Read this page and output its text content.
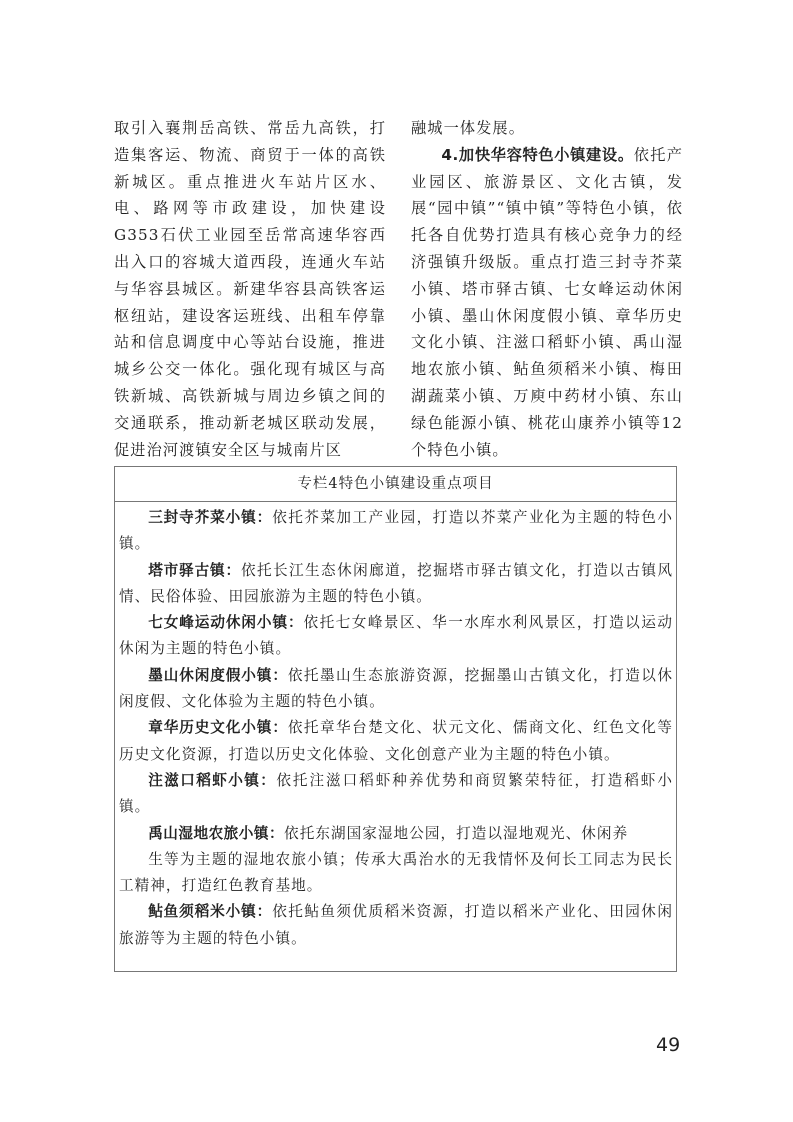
取引入襄荆岳高铁、常岳九高铁，打造集客运、物流、商贸于一体的高铁新城区。重点推进火车站片区水、电、路网等市政建设，加快建设G353石伏工业园至岳常高速华容西出入口的容城大道西段，连通火车站与华容县城区。新建华容县高铁客运枢纽站，建设客运班线、出租车停靠站和信息调度中心等站台设施，推进城乡公交一体化。强化现有城区与高铁新城、高铁新城与周边乡镇之间的交通联系，推动新老城区联动发展，促进治河渡镇安全区与城南片区

融城一体发展。

4.加快华容特色小镇建设。依托产业园区、旅游景区、文化古镇，发展“园中镇”“镇中镇”等特色小镇，依托各自优势打造具有核心竞争力的经济强镇升级版。重点打造三封寺芥菜小镇、塔市驿古镇、七女峰运动休闲小镇、墨山休闲度假小镇、章华历史文化小镇、注滋口稻虾小镇、禹山湿地农旅小镇、鲇鱼须稻米小镇、梅田湖蔬菜小镇、万庾中药材小镇、东山绿色能源小镇、桃花山康养小镇等12个特色小镇。

专栏4特色小镇建设重点项目

三封寺芥菜小镇：依托芥菜加工产业园，打造以芥菜产业化为主题的特色小镇。

塔市驿古镇：依托长江生态休闲廊道，挖掘塔市驿古镇文化，打造以古镇风情、民俗体验、田园旅游为主题的特色小镇。

七女峰运动休闲小镇：依托七女峰景区、华一水库水利风景区，打造以运动休闲为主题的特色小镇。

墨山休闲度假小镇：依托墨山生态旅游资源，挖掘墨山古镇文化，打造以休闲度假、文化体验为主题的特色小镇。

章华历史文化小镇：依托章华台楚文化、状元文化、儒商文化、红色文化等历史文化资源，打造以历史文化体验、文化创意产业为主题的特色小镇。

注滋口稻虾小镇：依托注滋口稻虾种养优势和商贸繁荣特征，打造稻虾小镇。

禹山湿地农旅小镇：依托东湖国家湿地公园，打造以湿地观光、休闲养

生等为主题的湿地农旅小镇；传承大禹治水的无我情怀及何长工同志为民长工精神，打造红色教育基地。

鲇鱼须稻米小镇：依托鲇鱼须优质稻米资源，打造以稻米产业化、田园休闲旅游等为主题的特色小镇。

49
